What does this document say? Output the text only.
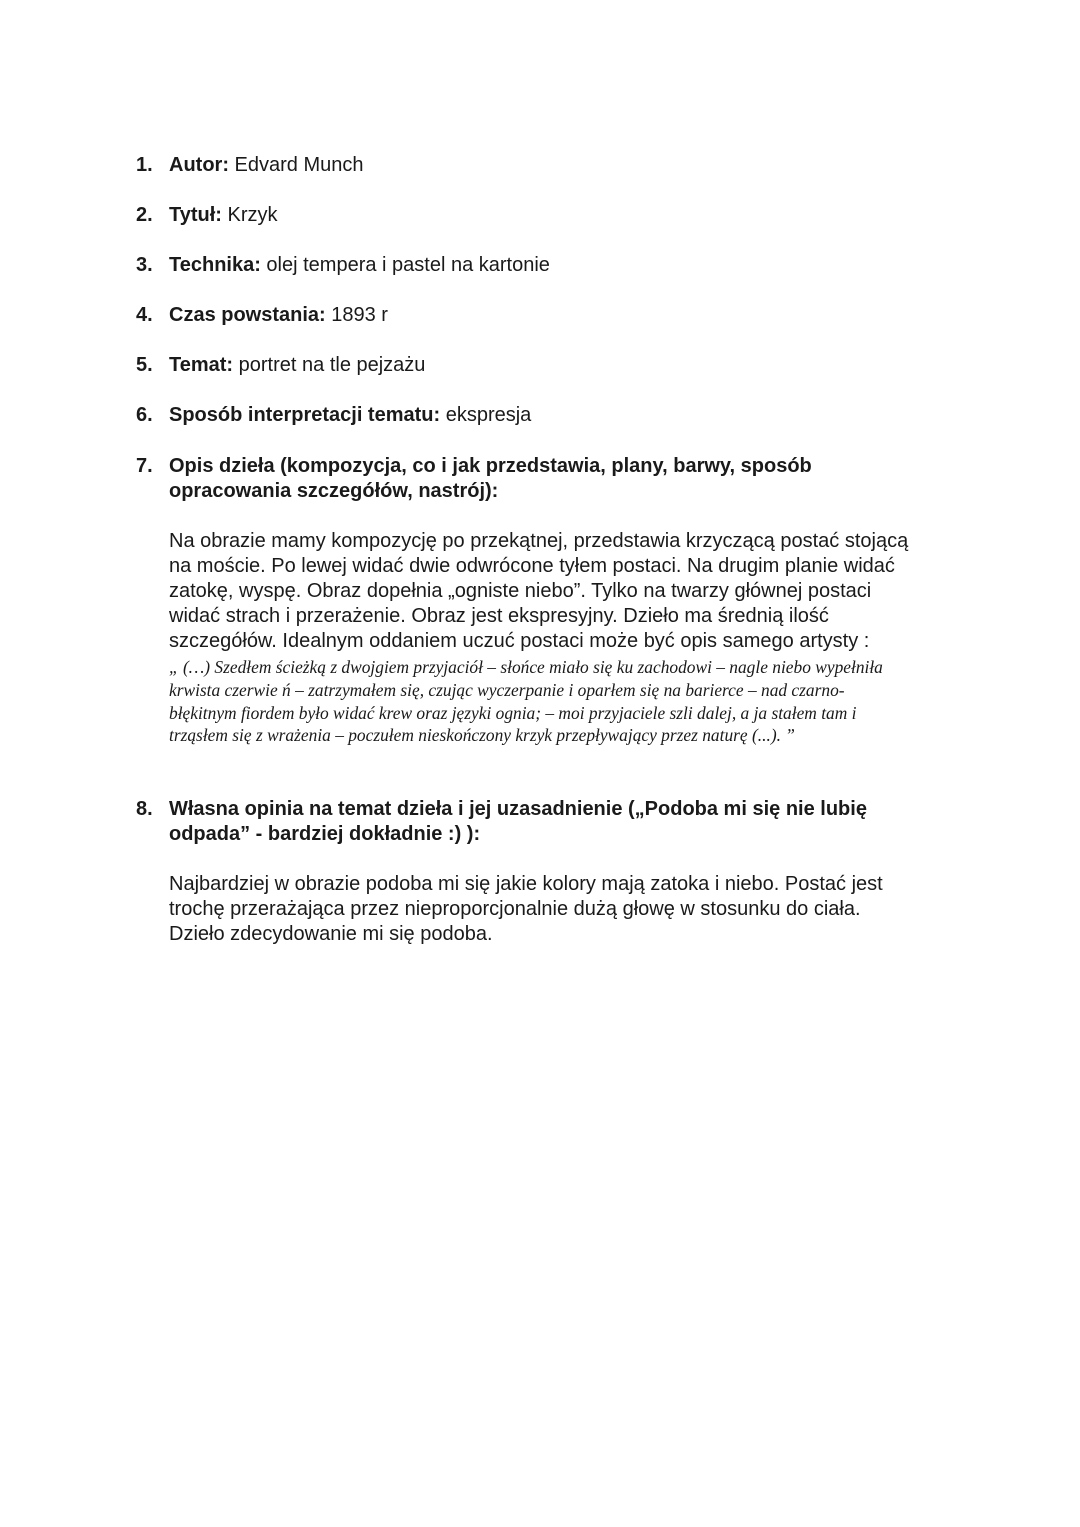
1. Autor: Edvard Munch
2. Tytuł: Krzyk
3. Technika: olej tempera i pastel na kartonie
4. Czas powstania: 1893 r
5. Temat: portret na tle pejzażu
6. Sposób interpretacji tematu: ekspresja
7. Opis dzieła (kompozycja, co i jak przedstawia, plany, barwy, sposób
opracowania szczegółów, nastrój):
Na obrazie mamy kompozycję po przekątnej, przedstawia krzyczącą postać stojącą
na moście. Po lewej widać dwie odwrócone tyłem postaci. Na drugim planie widać
zatokę, wyspę. Obraz dopełnia „ogniste niebo”. Tylko na twarzy głównej postaci
widać strach i przerażenie. Obraz jest ekspresyjny. Dzieło ma średnią ilość
szczegółów. Idealnym oddaniem uczuć postaci może być opis samego artysty :
„ (…) Szedłem ścieżką z dwojgiem przyjaciół – słońce miało się ku zachodowi – nagle niebo wypełniła
krwista czerwie ń – zatrzymałem się, czując wyczerpanie i oparłem się na barierce – nad czarno-
błękitnym fiordem było widać krew oraz języki ognia; – moi przyjaciele szli dalej, a ja stałem tam i
trząsłem się z wrażenia – poczułem nieskończony krzyk przepływający przez naturę (...). ”
8. Własna opinia na temat dzieła i jej uzasadnienie („Podoba mi się nie lubię
odpada” - bardziej dokładnie :) ):
Najbardziej w obrazie podoba mi się jakie kolory mają zatoka i niebo. Postać jest
trochę przerażająca przez nieproporcjonalnie dużą głowę w stosunku do ciała.
Dzieło zdecydowanie mi się podoba.
